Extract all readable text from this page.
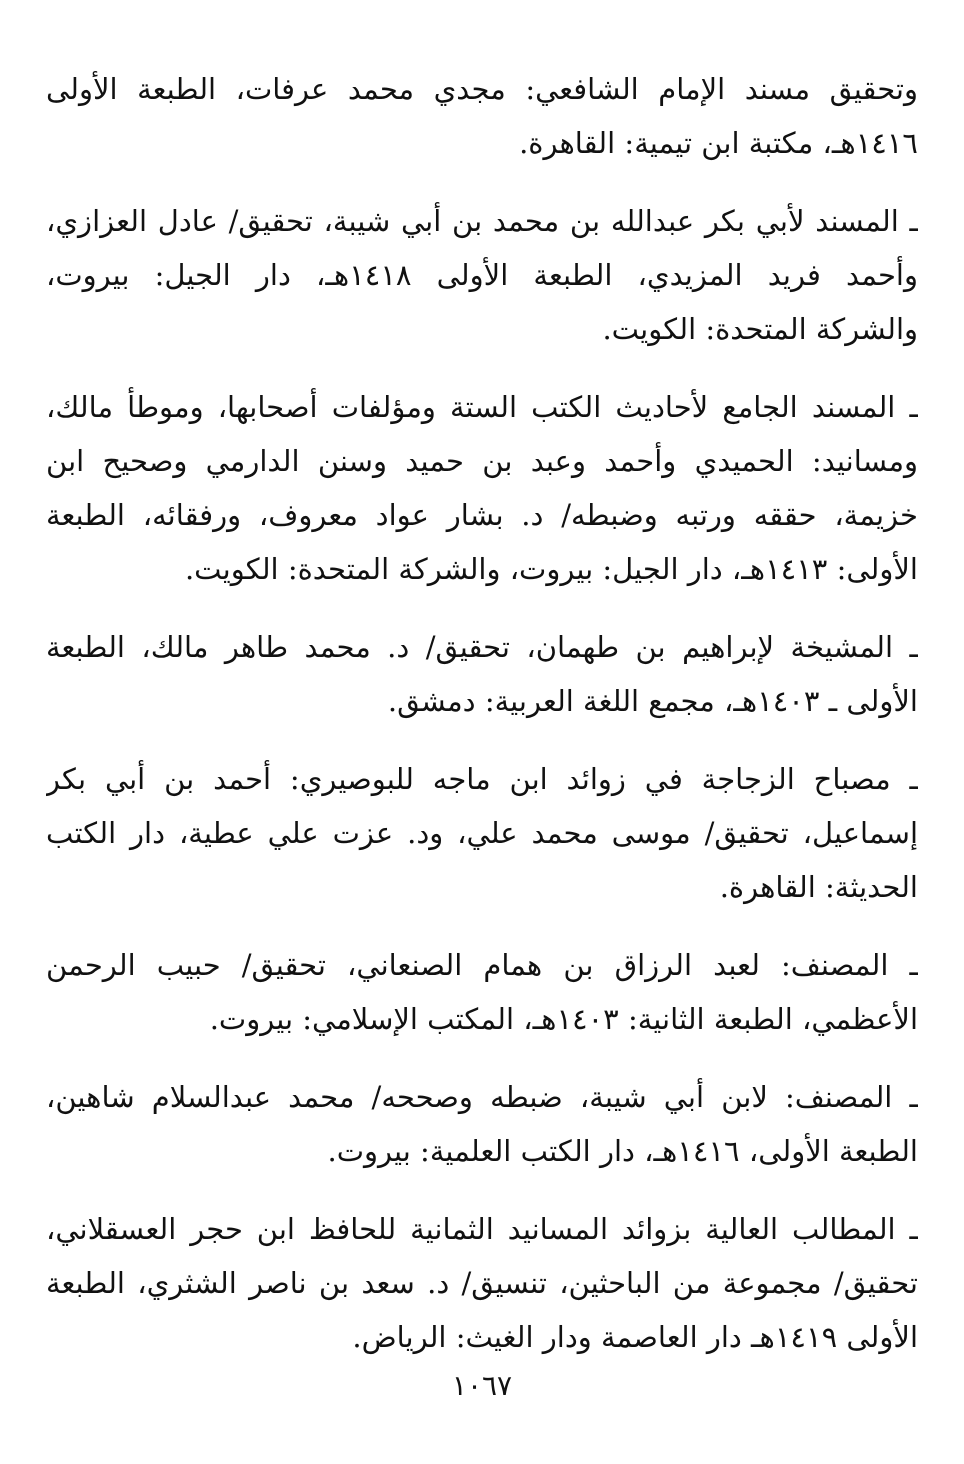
وتحقيق مسند الإمام الشافعي: مجدي محمد عرفات، الطبعة الأولى
١٤١٦هـ، مكتبة ابن تيمية: القاهرة.
ـ المسند لأبي بكر عبدالله بن محمد بن أبي شيبة، تحقيق/ عادل العزازي،
وأحمد فريد المزيدي، الطبعة الأولى ١٤١٨هـ، دار الجيل: بيروت،
والشركة المتحدة: الكويت.
ـ المسند الجامع لأحاديث الكتب الستة ومؤلفات أصحابها، وموطأ مالك،
ومسانيد: الحميدي وأحمد وعبد بن حميد وسنن الدارمي وصحيح ابن
خزيمة، حققه ورتبه وضبطه/ د. بشار عواد معروف، ورفقائه، الطبعة
الأولى: ١٤١٣هـ، دار الجيل: بيروت، والشركة المتحدة: الكويت.
ـ المشيخة لإبراهيم بن طهمان، تحقيق/ د. محمد طاهر مالك، الطبعة
الأولى ـ ١٤٠٣هـ، مجمع اللغة العربية: دمشق.
ـ مصباح الزجاجة في زوائد ابن ماجه للبوصيري: أحمد بن أبي بكر
إسماعيل، تحقيق/ موسى محمد علي، ود. عزت علي عطية، دار الكتب
الحديثة: القاهرة.
ـ المصنف: لعبد الرزاق بن همام الصنعاني، تحقيق/ حبيب الرحمن
الأعظمي، الطبعة الثانية: ١٤٠٣هـ، المكتب الإسلامي: بيروت.
ـ المصنف: لابن أبي شيبة، ضبطه وصححه/ محمد عبدالسلام شاهين،
الطبعة الأولى، ١٤١٦هـ، دار الكتب العلمية: بيروت.
ـ المطالب العالية بزوائد المسانيد الثمانية للحافظ ابن حجر العسقلاني،
تحقيق/ مجموعة من الباحثين، تنسيق/ د. سعد بن ناصر الشثري، الطبعة
الأولى ١٤١٩هـ دار العاصمة ودار الغيث: الرياض.
١٠٦٧
